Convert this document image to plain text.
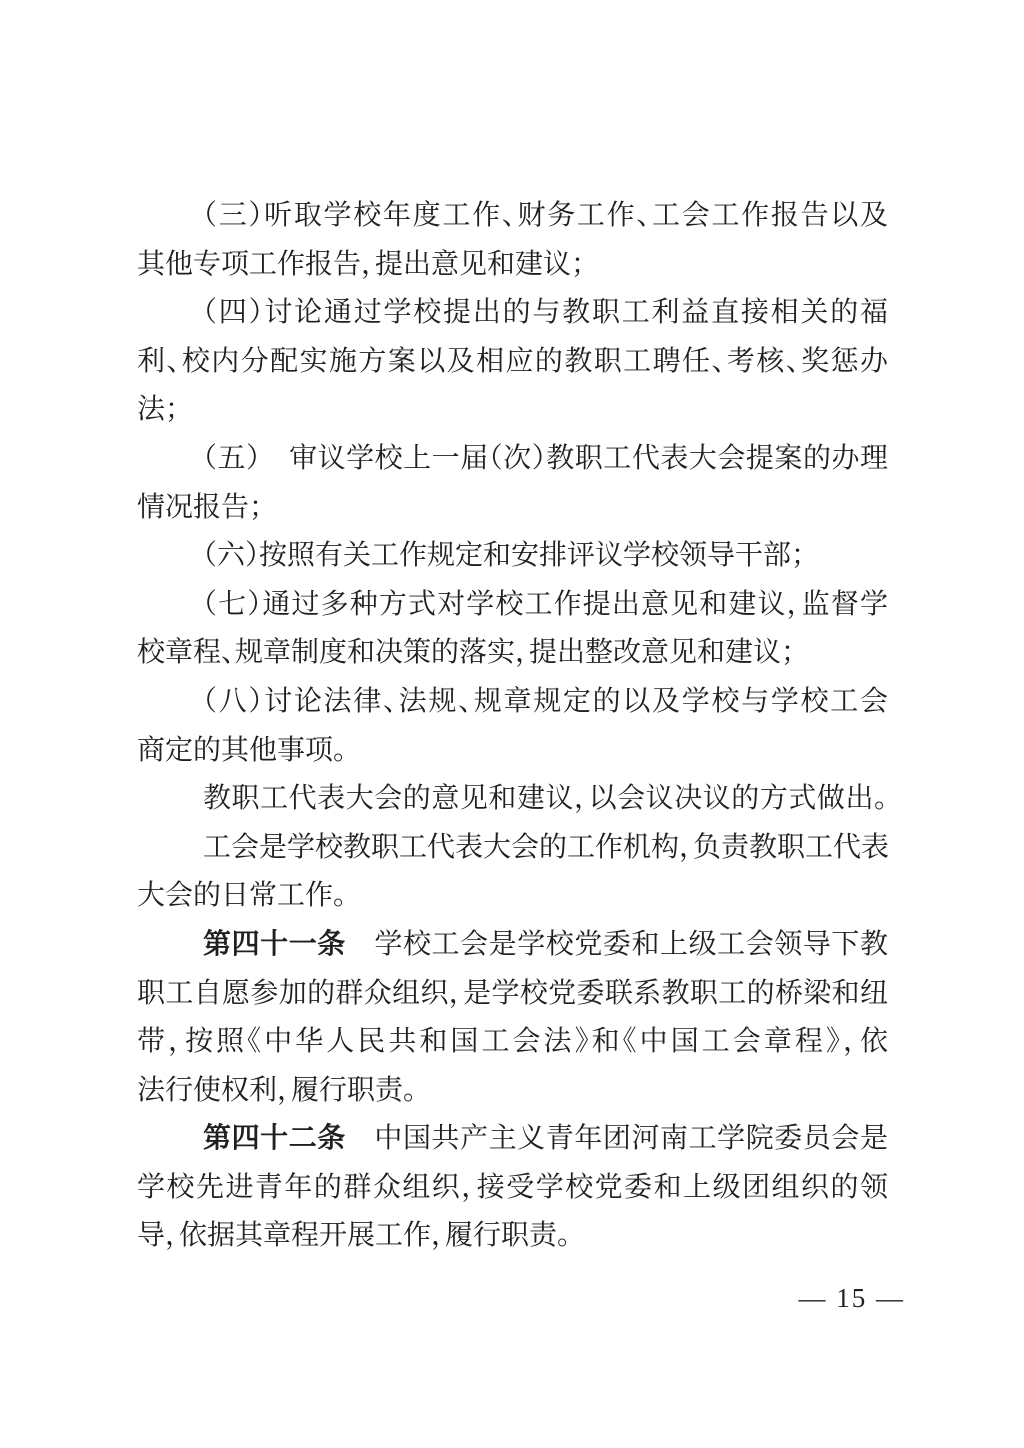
（三）听取学校年度工作、财务工作、工会工作报告以及
其他专项工作报告，提出意见和建议；
（四）讨论通过学校提出的与教职工利益直接相关的福
利、校内分配实施方案以及相应的教职工聘任、考核、奖惩办
法；
（五）　审议学校上一届（次）教职工代表大会提案的办理
情况报告；
（六）按照有关工作规定和安排评议学校领导干部；
（七）通过多种方式对学校工作提出意见和建议，监督学
校章程、规章制度和决策的落实，提出整改意见和建议；
（八）讨论法律、法规、规章规定的以及学校与学校工会
商定的其他事项。
教职工代表大会的意见和建议，以会议决议的方式做出。
工会是学校教职工代表大会的工作机构，负责教职工代表
大会的日常工作。
第四十一条　学校工会是学校党委和上级工会领导下教
职工自愿参加的群众组织，是学校党委联系教职工的桥梁和纽
带，按照《中华人民共和国工会法》和《中国工会章程》，依
法行使权利，履行职责。
第四十二条　中国共产主义青年团河南工学院委员会是
学校先进青年的群众组织，接受学校党委和上级团组织的领
导，依据其章程开展工作，履行职责。
— 15 —
